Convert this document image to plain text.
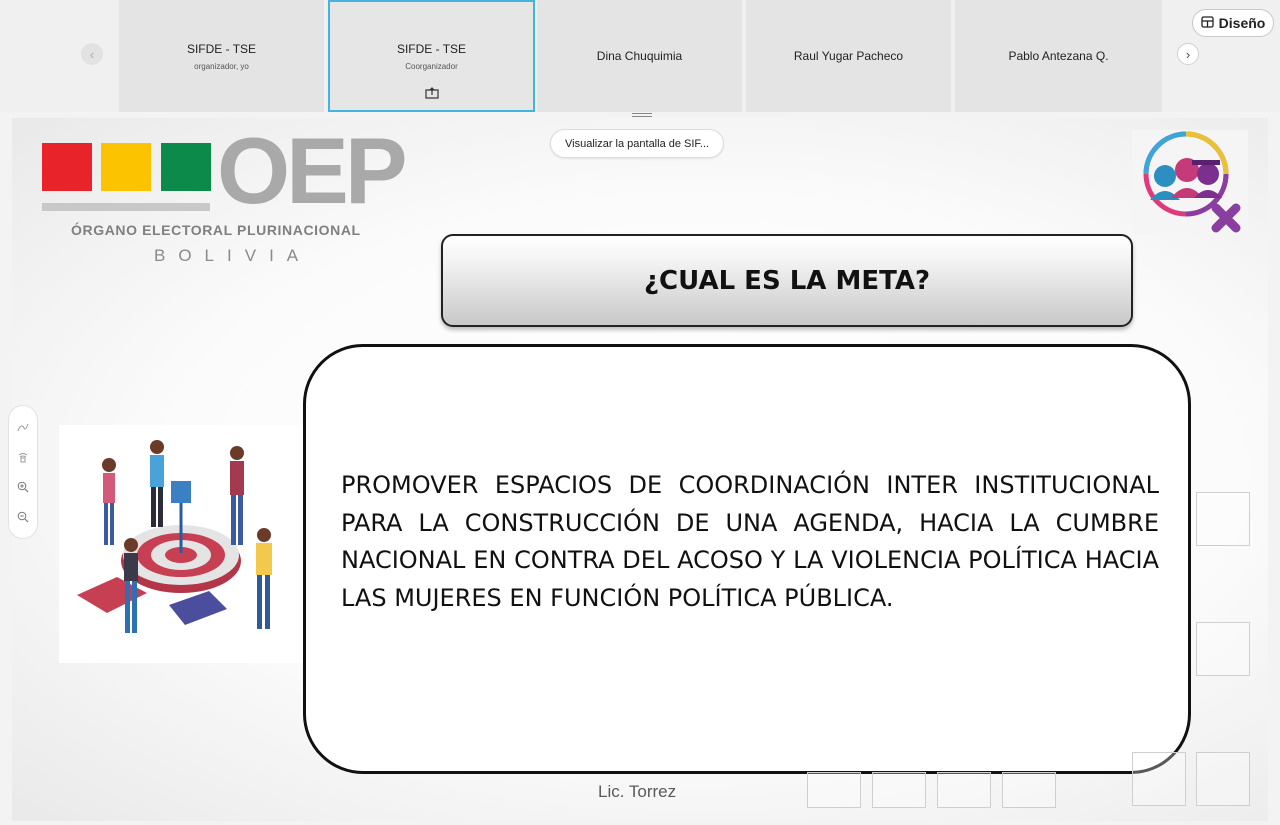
‹	SIFDE - TSE
organizador, yo
SIFDE - TSE
Coorganizador
Dina Chuquimia	Raul Yugar Pacheco	Pablo Antezana Q.	›
Diseño
OEP
ÓRGANO ELECTORAL PLURINACIONAL
BOLIVIA
¿CUAL ES LA META?
PROMOVER ESPACIOS DE COORDINACIÓN INTER INSTITUCIONAL PARA LA CONSTRUCCIÓN DE UNA AGENDA, HACIA LA CUMBRE NACIONAL EN CONTRA DEL ACOSO Y LA VIOLENCIA POLÍTICA HACIA LAS MUJERES EN FUNCIÓN POLÍTICA PÚBLICA.
Lic. Torrez
Visualizar la pantalla de SIF...
